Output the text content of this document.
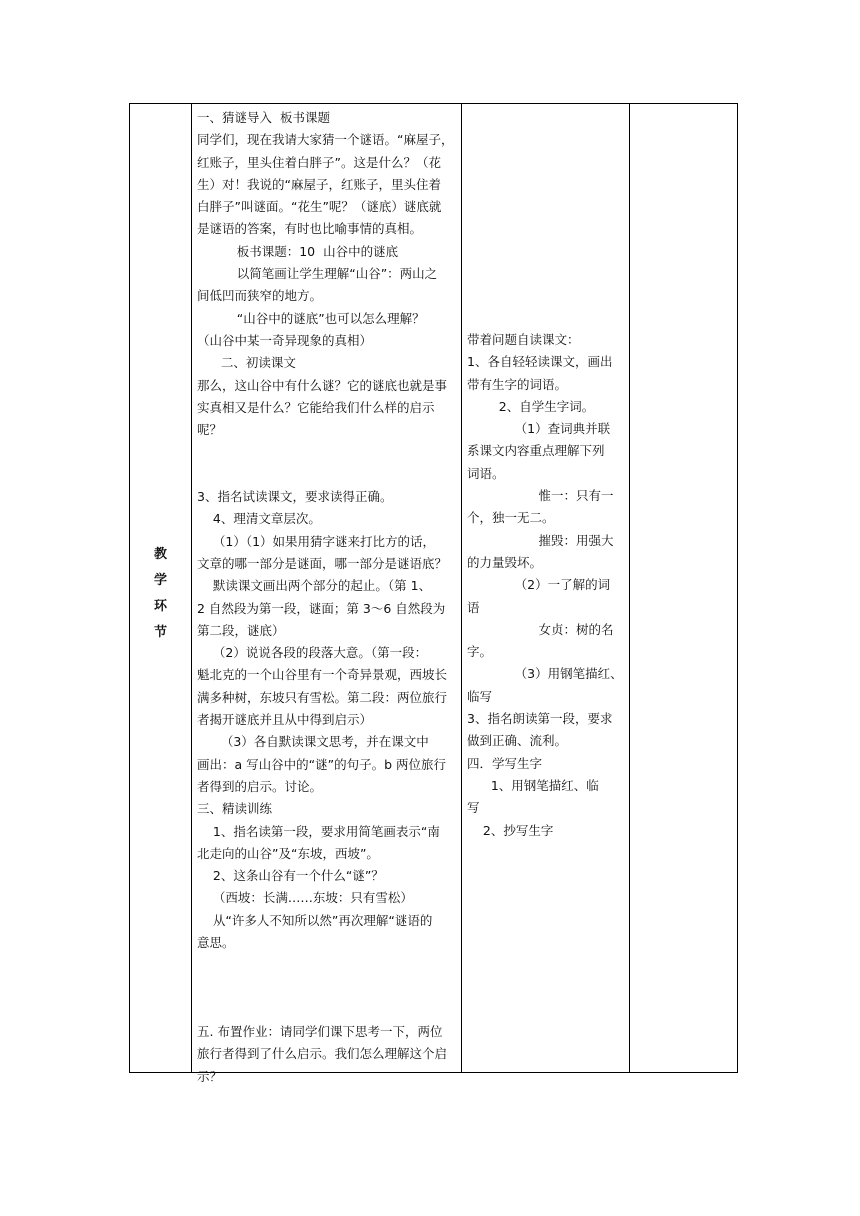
教
学
环
节
一、猜谜导入  板书课题
同学们，现在我请大家猜一个谜语。“麻屋子，
红账子，里头住着白胖子”。这是什么？（花
生）对！我说的“麻屋子，红账子，里头住着
白胖子”叫谜面。“花生”呢？（谜底）谜底就
是谜语的答案，有时也比喻事情的真相。
板书课题：10  山谷中的谜底
以简笔画让学生理解“山谷”：两山之
间低凹而狭窄的地方。
“山谷中的谜底”也可以怎么理解？
（山谷中某一奇异现象的真相）
二、初读课文
那么，这山谷中有什么谜？它的谜底也就是事
实真相又是什么？它能给我们什么样的启示
呢？

3、指名试读课文，要求读得正确。
4、理清文章层次。
（1）（1）如果用猜字谜来打比方的话，
文章的哪一部分是谜面，哪一部分是谜语底？
默读课文画出两个部分的起止。（第 1、
2 自然段为第一段，谜面；第 3～6 自然段为
第二段，谜底）
（2）说说各段的段落大意。（第一段：
魁北克的一个山谷里有一个奇异景观，西坡长
满多种树，东坡只有雪松。第二段：两位旅行
者揭开谜底并且从中得到启示）
（3）各自默读课文思考，并在课文中
画出：a 写山谷中的“谜”的句子。b 两位旅行
者得到的启示。讨论。
三、精读训练
1、指名读第一段，要求用简笔画表示“南
北走向的山谷”及“东坡，西坡”。
2、这条山谷有一个什么“谜”？
（西坡：长满……东坡：只有雪松）
从“许多人不知所以然”再次理解“谜语的
意思。

五. 布置作业：请同学们课下思考一下，两位
旅行者得到了什么启示。我们怎么理解这个启
示？
带着问题自读课文：
1、各自轻轻读课文，画出
带有生字的词语。
2、自学生字词。
（1）查词典并联
系课文内容重点理解下列
词语。
惟一：只有一
个，独一无二。
摧毁：用强大
的力量毁坏。
（2）一了解的词
语
女贞：树的名
字。
（3）用钢笔描红、
临写
3、指名朗读第一段，要求
做到正确、流利。
四．学写生字
1、用钢笔描红、临
写
2、抄写生字
